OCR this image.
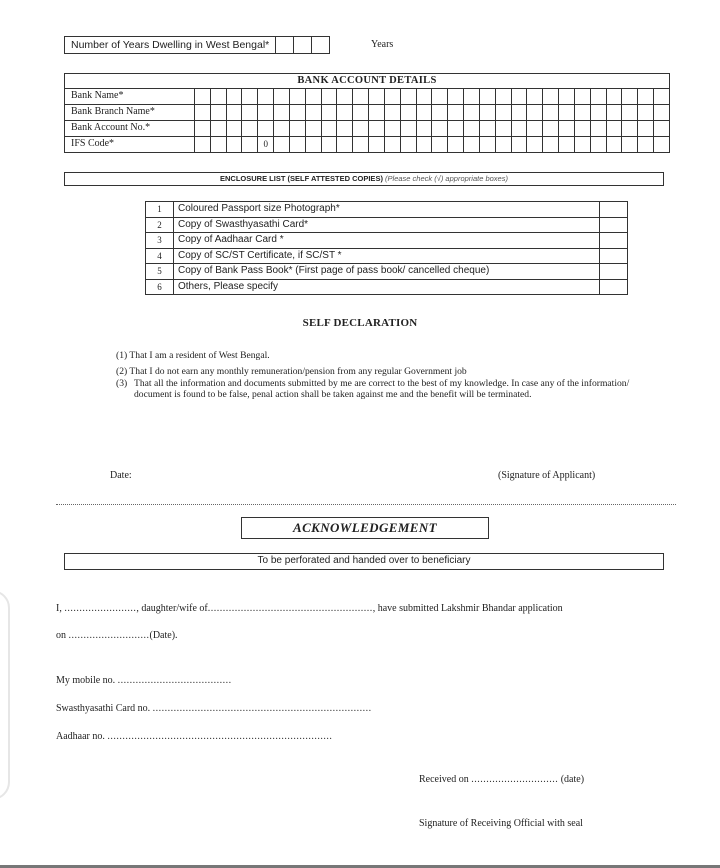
Number of Years Dwelling in West Bengal*	Years
BANK ACCOUNT DETAILS
Bank Name*
Bank Branch Name*
Bank Account No.*
IFS Code*	0
ENCLOSURE LIST (SELF ATTESTED COPIES) (Please check (√) appropriate boxes)
1	Coloured Passport size Photograph*
2	Copy of Swasthyasathi Card*
3	Copy of Aadhaar Card *
4	Copy of SC/ST Certificate, if SC/ST *
5	Copy of Bank Pass Book* (First page of pass book/ cancelled cheque)
6	Others, Please specify
SELF DECLARATION
(1) That I am a resident of West Bengal.
(2) That I do not earn any monthly remuneration/pension from any regular Government job
(3) That all the information and documents submitted by me are correct to the best of my knowledge. In case any of the information/ document is found to be false, penal action shall be taken against me and the benefit will be terminated.
Date:	(Signature of Applicant)
ACKNOWLEDGEMENT
To be perforated and handed over to beneficiary
I, ........................, daughter/wife of......................................................., have submitted Lakshmir Bhandar application
on ...........................(Date).
My mobile no. ......................................
Swasthyasathi Card no. .........................................................................
Aadhaar no. ...........................................................................
Received on ............................. (date)
Signature of Receiving Official with seal
